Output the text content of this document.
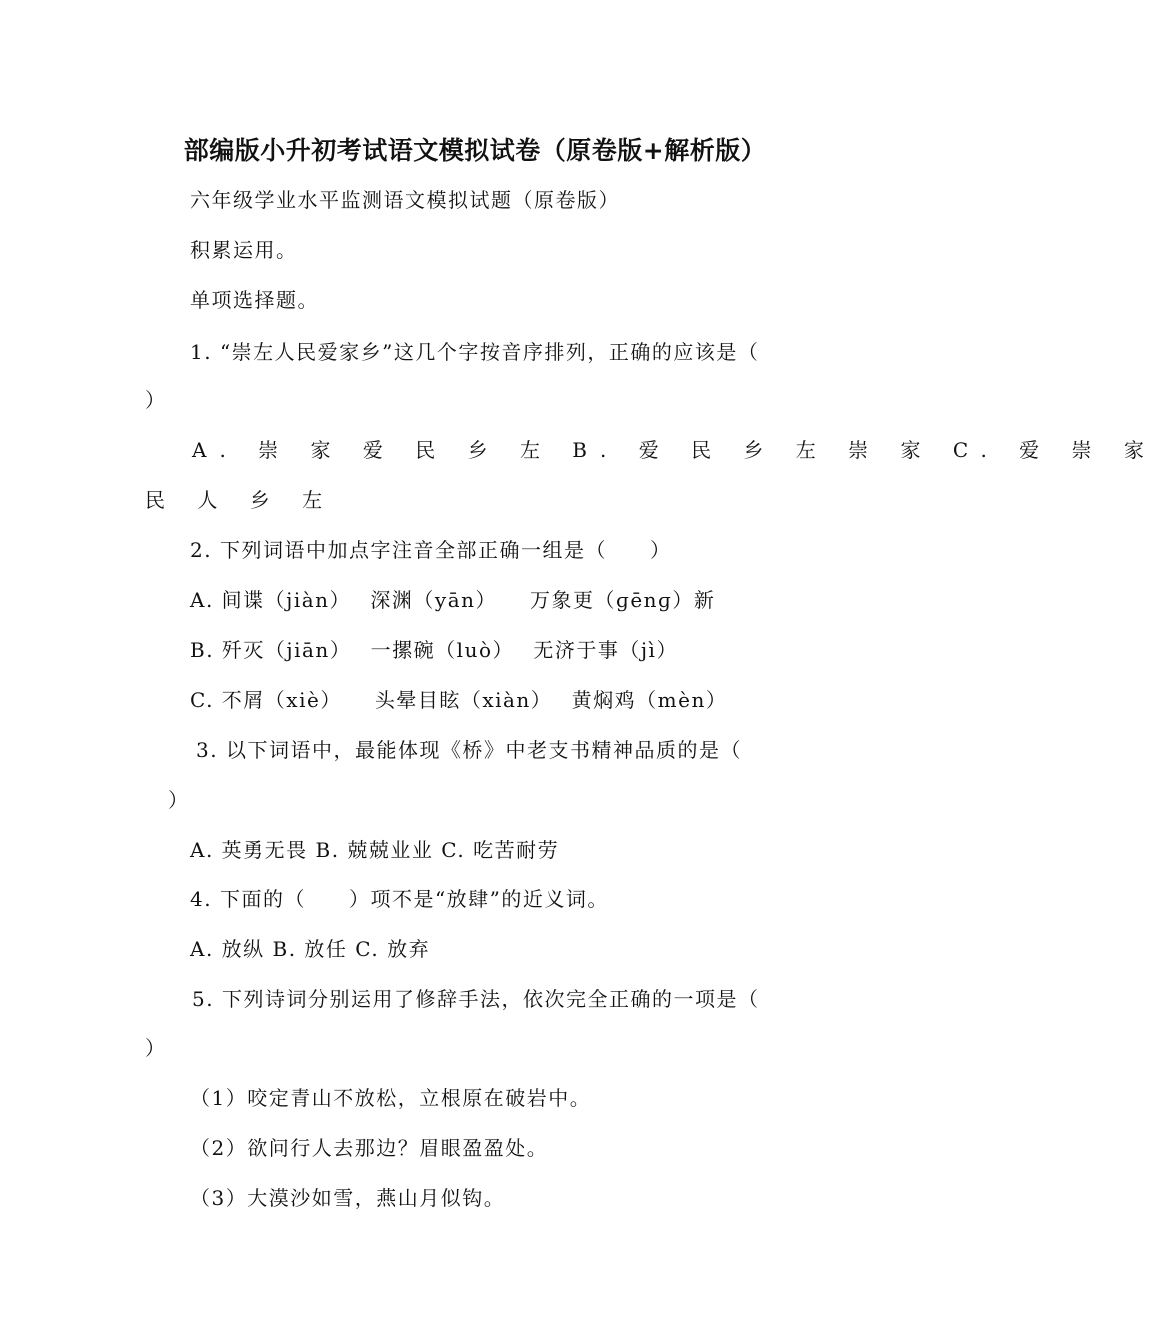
部编版小升初考试语文模拟试卷（原卷版+解析版）
六年级学业水平监测语文模拟试题（原卷版）
积累运用。
单项选择题。
1. “崇左人民爱家乡”这几个字按音序排列，正确的应该是（
）
A. 崇 家 爱 民 乡 左 B. 爱 民 乡 左 崇 家 C. 爱 崇 家
民 人 乡 左
2. 下列词语中加点字注音全部正确一组是（　　）
A. 间谍（jiàn）　 深渊（yān）　　万象更（ɡēnɡ）新
B. 歼灭（jiān）　 一摞碗（luò）　 无济于事（jì）
C. 不屑（xiè）　　头晕目眩（xiàn）　 黄焖鸡（mèn）
3. 以下词语中，最能体现《桥》中老支书精神品质的是（
）
A. 英勇无畏 B. 兢兢业业 C. 吃苦耐劳
4. 下面的（　　）项不是“放肆”的近义词。
A. 放纵 B. 放任 C. 放弃
5. 下列诗词分别运用了修辞手法，依次完全正确的一项是（
）
（1）咬定青山不放松，立根原在破岩中。
（2）欲问行人去那边？眉眼盈盈处。
（3）大漠沙如雪，燕山月似钩。
